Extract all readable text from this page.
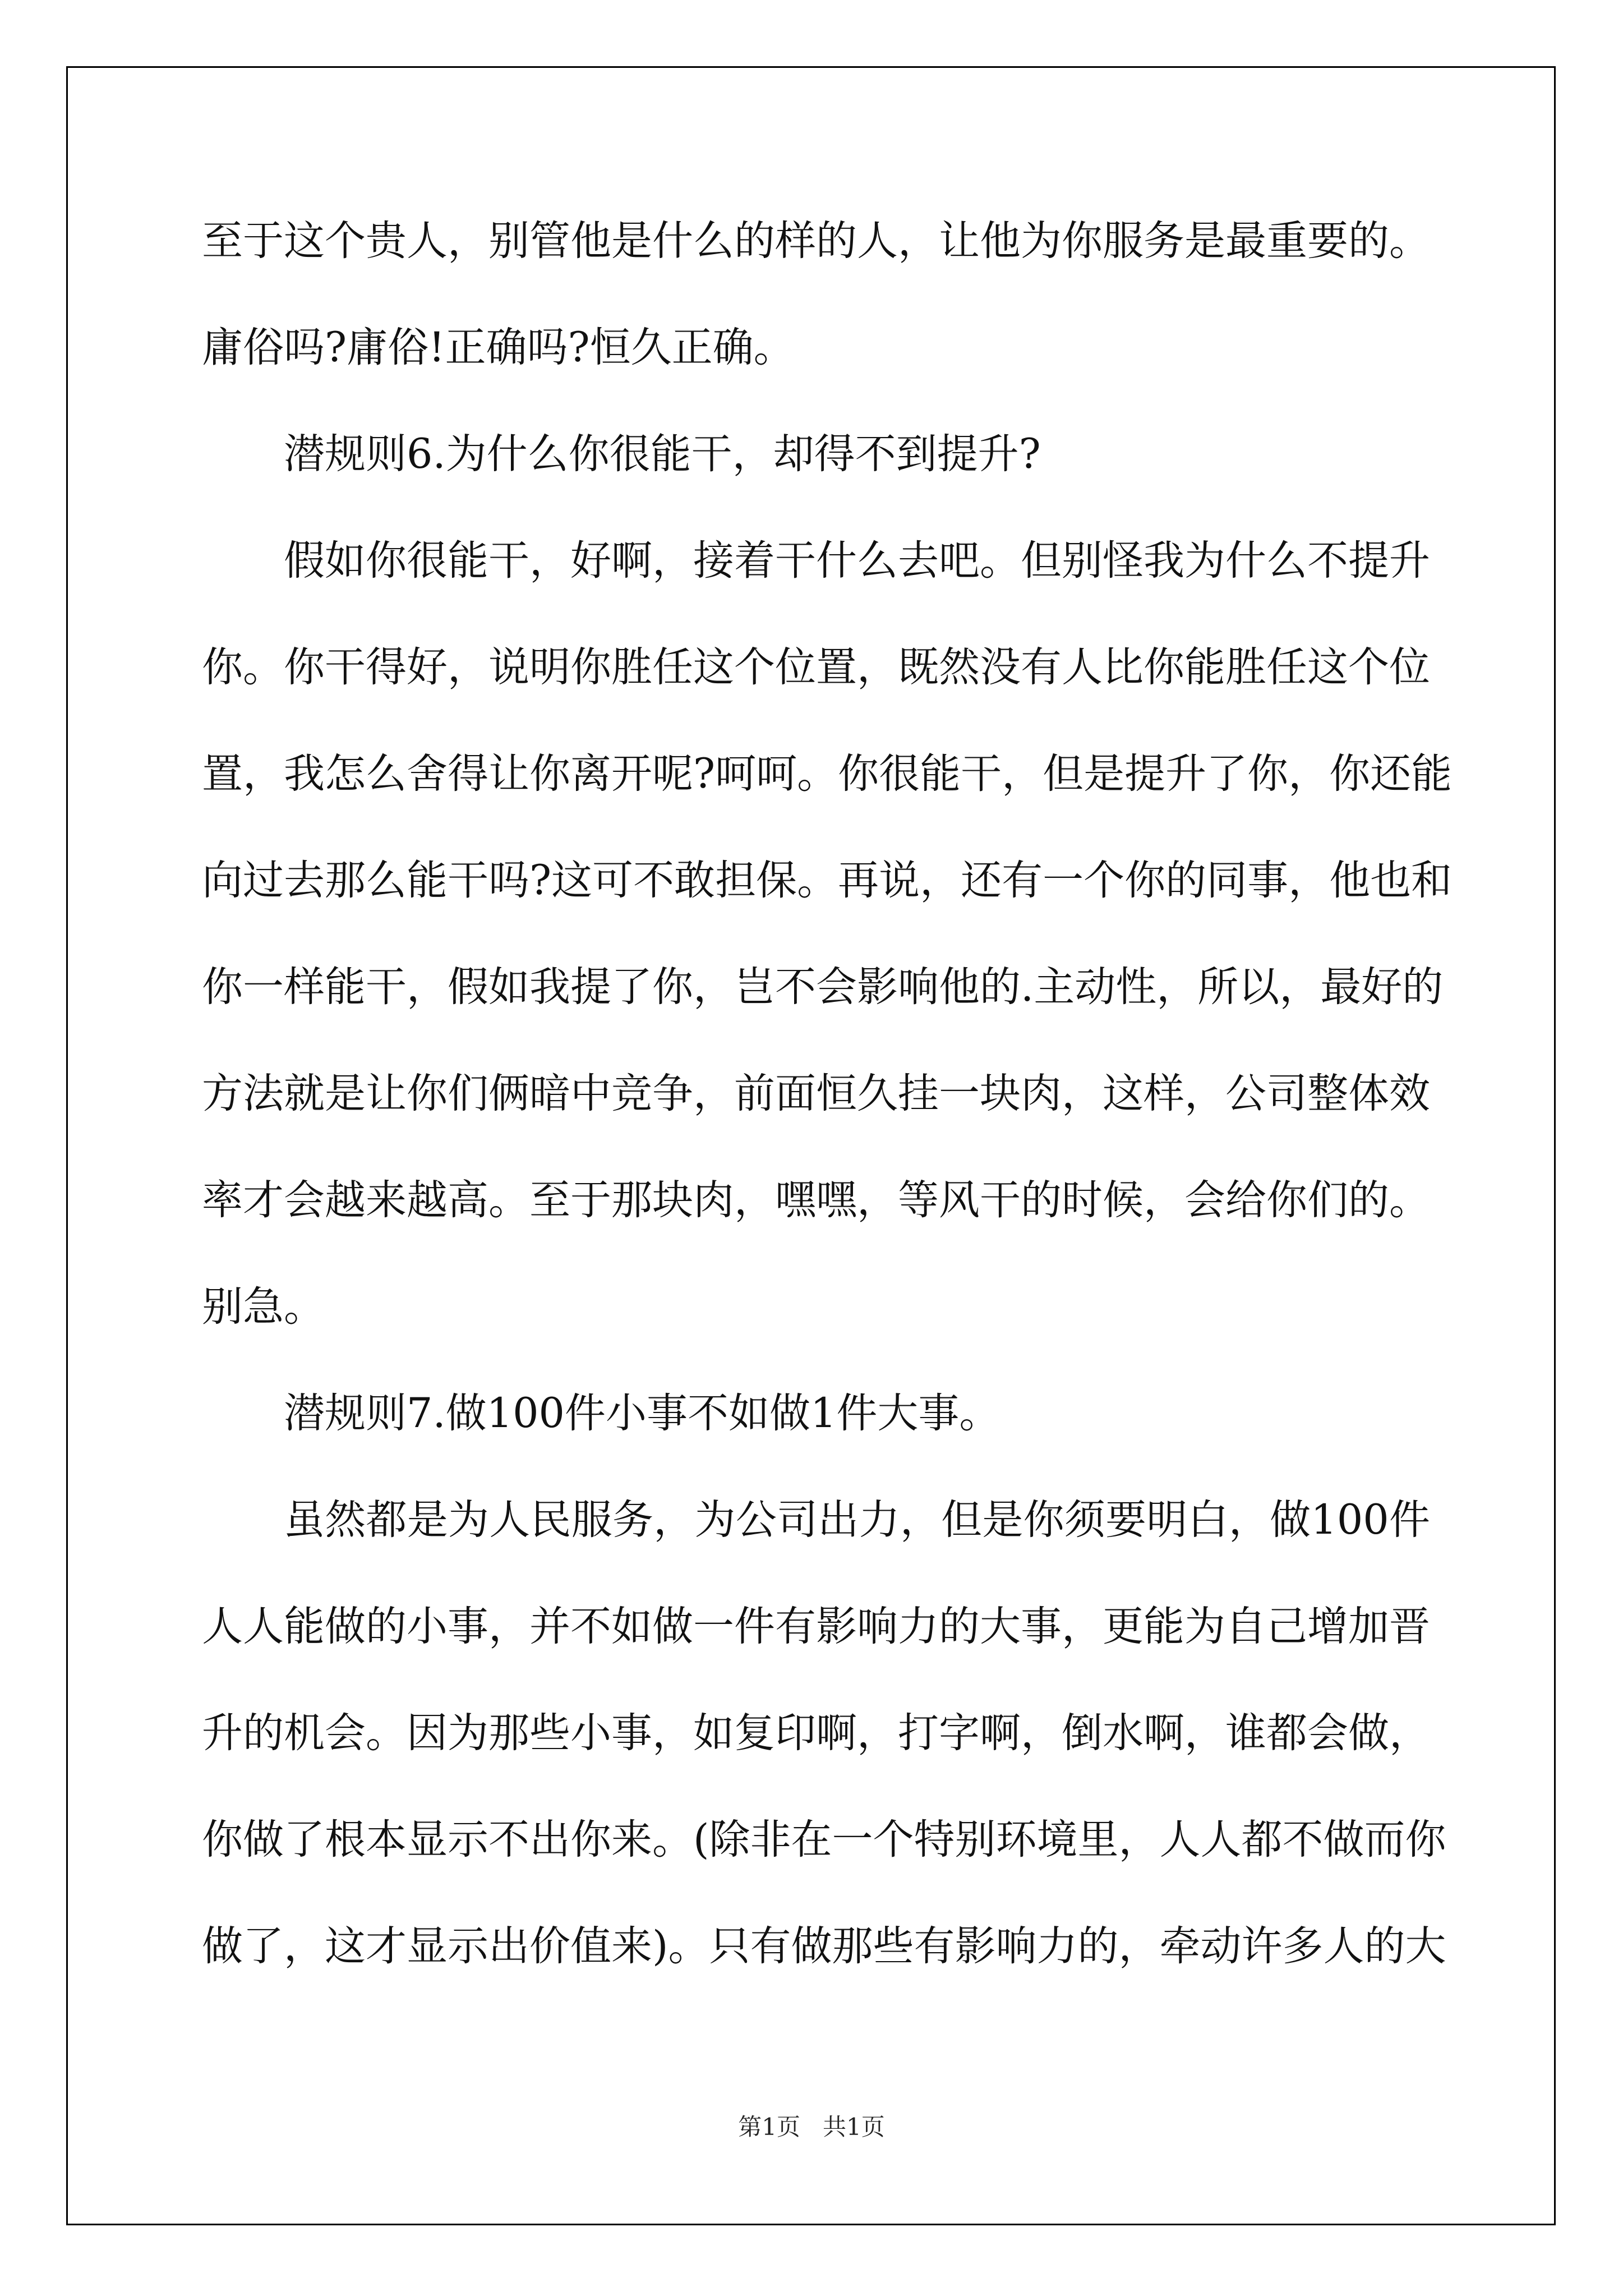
至于这个贵人，别管他是什么的样的人，让他为你服务是最重要的。
庸俗吗?庸俗!正确吗?恒久正确。
潜规则6.为什么你很能干，却得不到提升?
假如你很能干，好啊，接着干什么去吧。但别怪我为什么不提升
你。你干得好，说明你胜任这个位置，既然没有人比你能胜任这个位
置，我怎么舍得让你离开呢?呵呵。你很能干，但是提升了你，你还能
向过去那么能干吗?这可不敢担保。再说，还有一个你的同事，他也和
你一样能干，假如我提了你，岂不会影响他的.主动性，所以，最好的
方法就是让你们俩暗中竞争，前面恒久挂一块肉，这样，公司整体效
率才会越来越高。至于那块肉，嘿嘿，等风干的时候，会给你们的。
别急。
潜规则7.做100件小事不如做1件大事。
虽然都是为人民服务，为公司出力，但是你须要明白，做100件
人人能做的小事，并不如做一件有影响力的大事，更能为自己增加晋
升的机会。因为那些小事，如复印啊，打字啊，倒水啊，谁都会做，
你做了根本显示不出你来。(除非在一个特别环境里，人人都不做而你
做了，这才显示出价值来)。只有做那些有影响力的，牵动许多人的大
第1页   共1页
